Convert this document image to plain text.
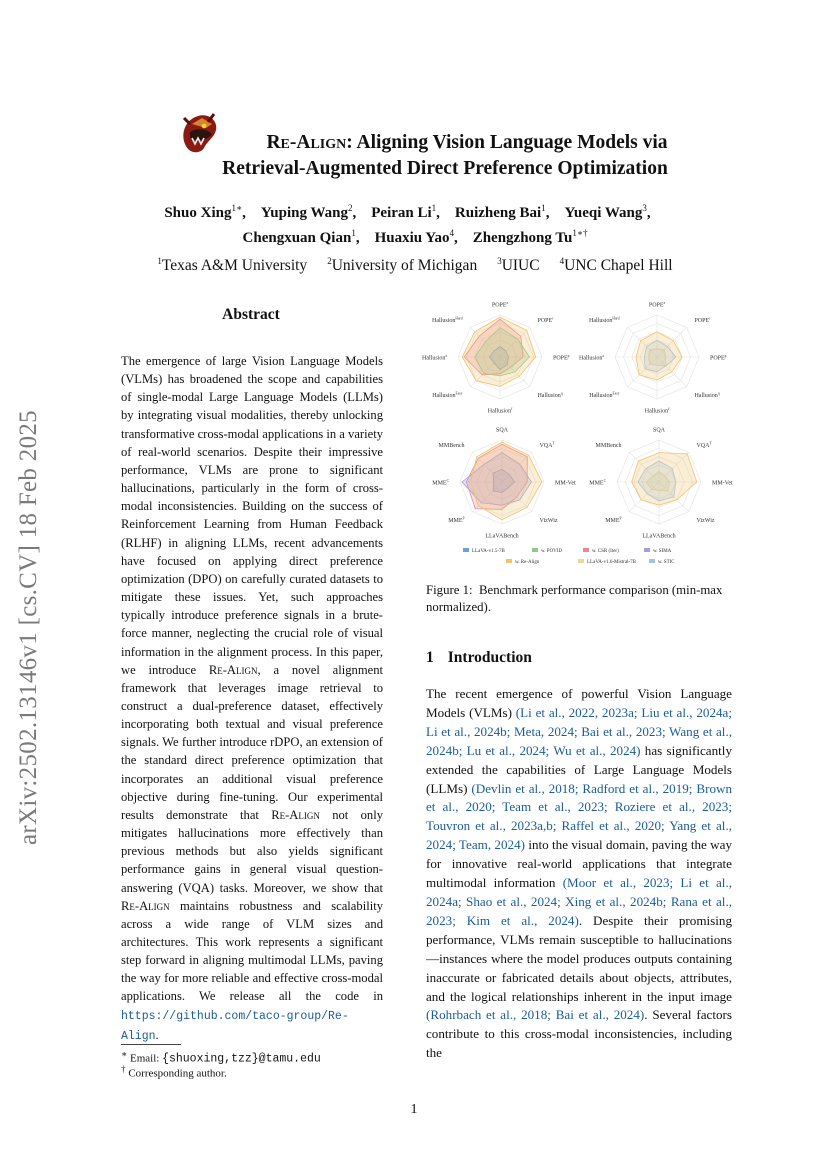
arXiv:2502.13146v1 [cs.CV] 18 Feb 2025
Re-Align: Aligning Vision Language Models via
Retrieval-Augmented Direct Preference Optimization
Shuo Xing$^{1∗}$, Yuping Wang$^2$, Peiran Li$^1$, Ruizheng Bai$^1$, Yueqi Wang$^3$, 
Chengxuan Qian$^1$, Huaxiu Yao$^4$, Zhengzhong $Tu^{1∗\dagger}$
$^1$Texas A&M University $^2$University of Michigan $^3$UIUC $^4$UNC Chapel Hill
Abstract
The emergence of large Vision Language Models (VLMs) has broadened the scope and capabilities of single-modal Large Language Models (LLMs) by integrating visual modalities, thereby unlocking transformative cross-modal applications in a variety of real-world scenarios. Despite their impressive performance, VLMs are prone to significant hallucinations, particularly in the form of cross-modal inconsistencies. Building on the success of Reinforcement Learning from Human Feedback (RLHF) in aligning LLMs, recent advancements have focused on applying direct preference optimization (DPO) on carefully curated datasets to mitigate these issues. Yet, such approaches typically introduce preference signals in a brute-force manner, neglecting the crucial role of visual information in the alignment process. In this paper, we introduce Re-Align, a novel alignment framework that leverages image retrieval to construct a dual-preference dataset, effectively incorporating both textual and visual preference signals. We further introduce rDPO, an extension of the standard direct preference optimization that incorporates an additional visual preference objective during fine-tuning. Our experimental results demonstrate that Re-Align not only mitigates hallucinations more effectively than previous methods but also yields significant performance gains in general visual question-answering (VQA) tasks. Moreover, we show that Re-Align maintains robustness and scalability across a wide range of VLM sizes and architectures. This work represents a significant step forward in aligning multimodal LLMs, paving the way for more reliable and effective cross-modal applications. We release all the code in https://github.com/taco-group/Re-Align.
∗ Email: {shuoxing,tzz}@tamu.edu
† Corresponding author.
POPE$^a$
POPE$^r$
POPE$^p$
Hallusion$^q$
Hallusion$^f$
Hallusion$^{Easy}$
Hallusion$^a$
Hallusion$^{Hard}$
POPE$^a$
POPE$^r$
POPE$^p$
Hallusion$^q$
Hallusion$^f$
Hallusion$^{Easy}$
Hallusion$^a$
Hallusion$^{Hard}$
SQA
$VQA^T$
MM-Vet
VizWiz
LLaVABench
$MME^P$
$MME^C$
MMBench
SQA
$VQA^T$
MM-Vet
VizWiz
LLaVABench
$MME^P$
$MME^C$
MMBench
LLaVA-v1.5-7B	w. POVID	w. CSR (Iter)	w. SIMA
w. Re-Align	LLaVA-v1.6-Mistral-7B	w. STIC
Figure 1: Benchmark performance comparison (min-max normalized).
1 Introduction
The recent emergence of powerful Vision Language Models (VLMs) (Li et al., 2022, 2023a; Liu et al., 2024a; Li et al., 2024b; Meta, 2024; Bai et al., 2023; Wang et al., 2024b; Lu et al., 2024; Wu et al., 2024) has significantly extended the capabilities of Large Language Models (LLMs) (Devlin et al., 2018; Radford et al., 2019; Brown et al., 2020; Team et al., 2023; Roziere et al., 2023; Touvron et al., 2023a,b; Raffel et al., 2020; Yang et al., 2024; Team, 2024) into the visual domain, paving the way for innovative real-world applications that integrate multimodal information (Moor et al., 2023; Li et al., 2024a; Shao et al., 2024; Xing et al., 2024b; Rana et al., 2023; Kim et al., 2024). Despite their promising performance, VLMs remain susceptible to hallucinations—instances where the model produces outputs containing inaccurate or fabricated details about objects, attributes, and the logical relationships inherent in the input image (Rohrbach et al., 2018; Bai et al., 2024). Several factors contribute to this cross-modal inconsistencies, including the
1
